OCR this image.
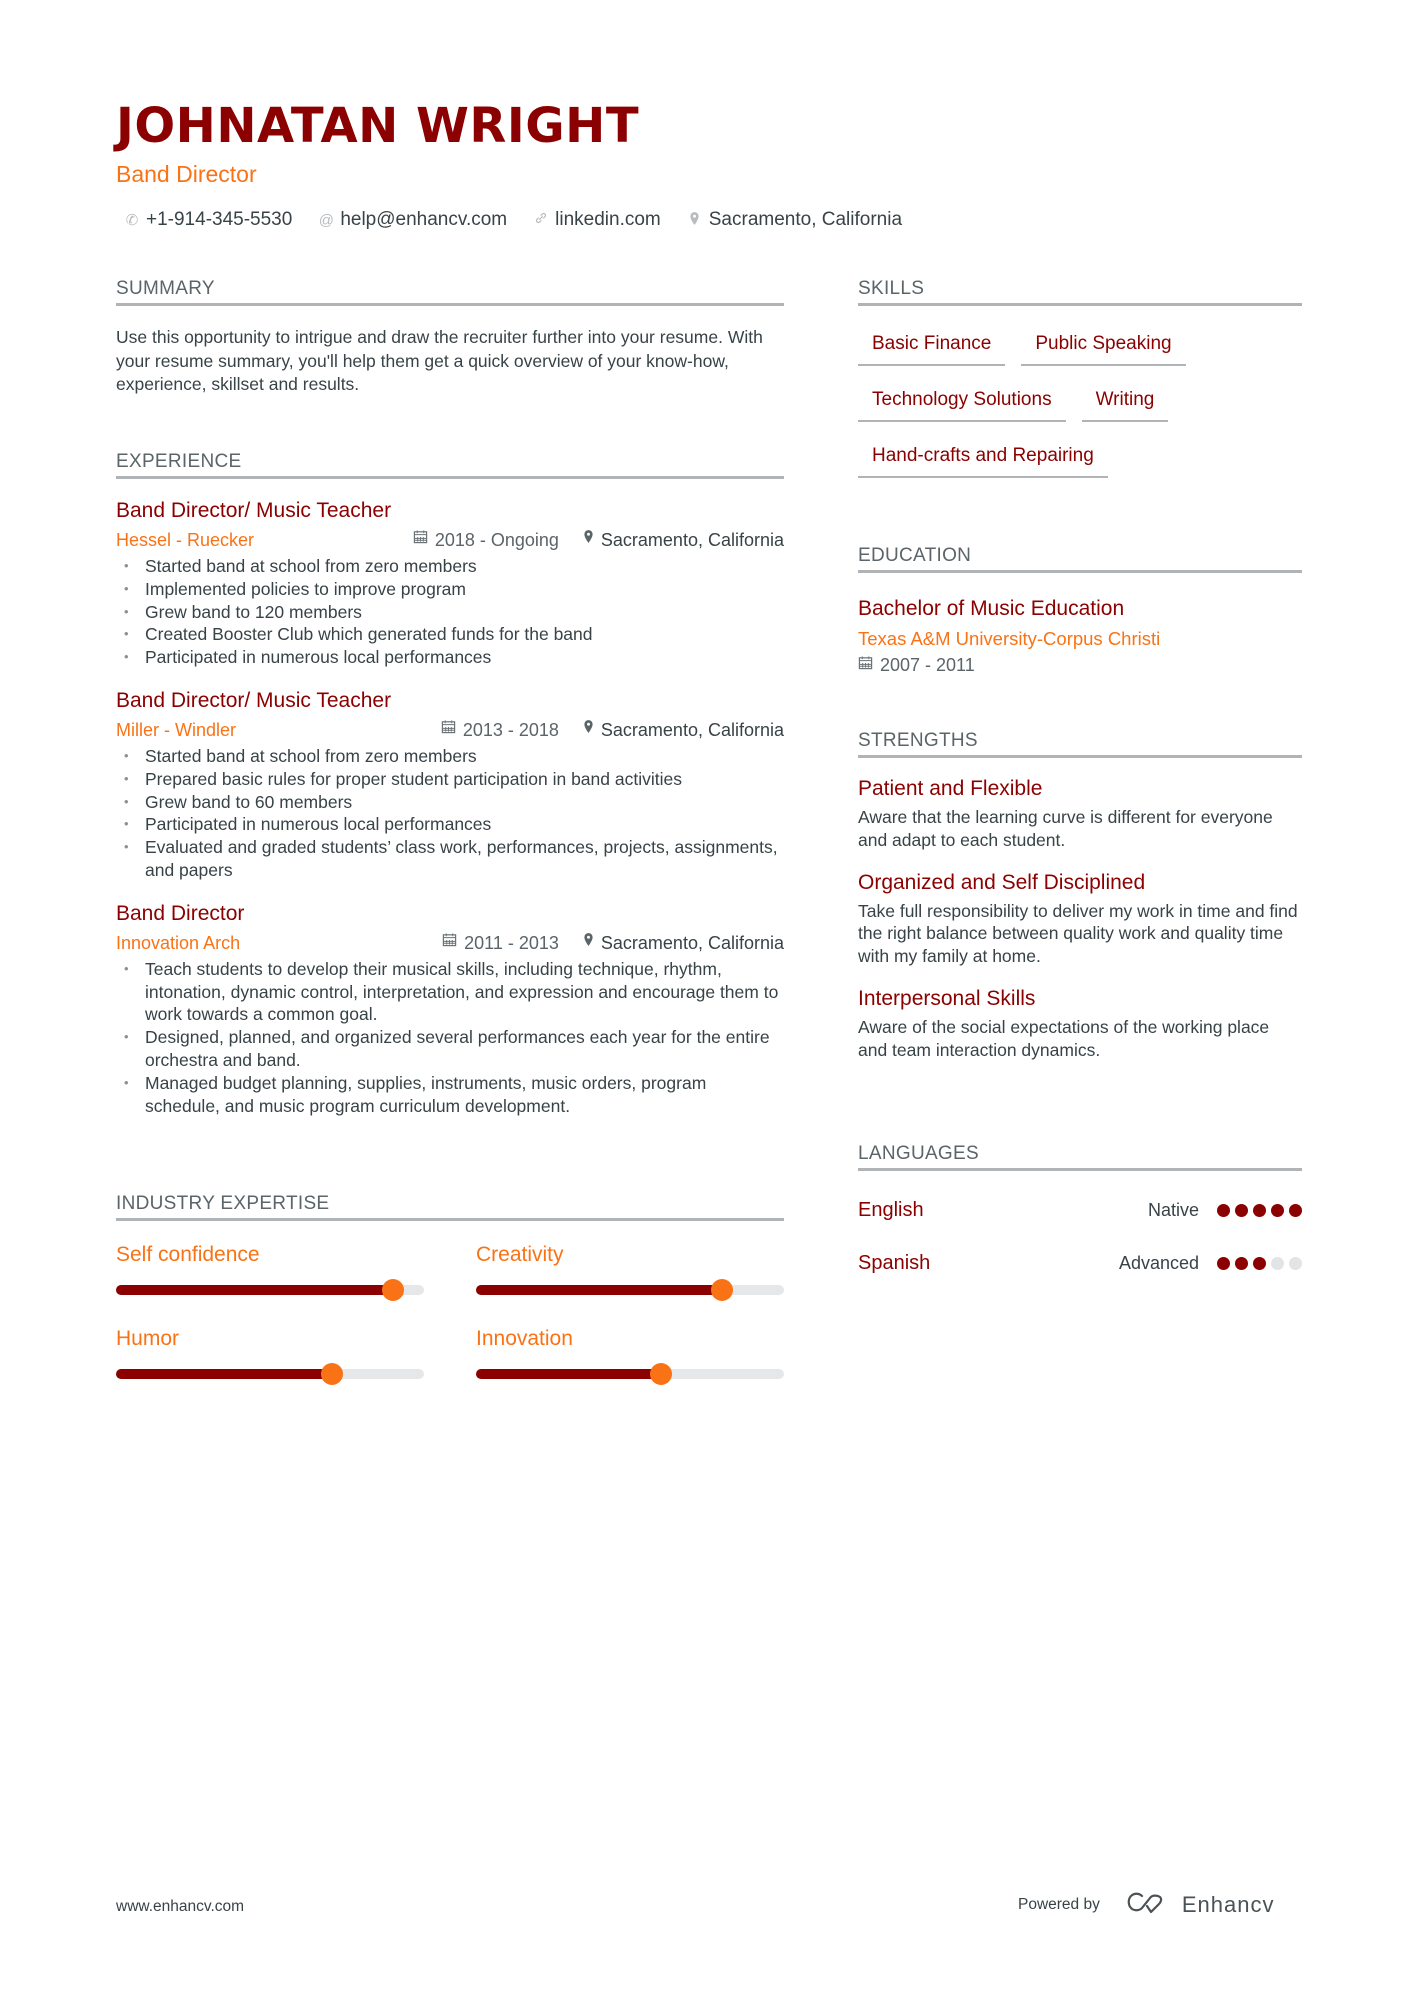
JOHNATAN WRIGHT
Band Director
✆ +1-914-345-5530 @ help@enhancv.com	linkedin.com	Sacramento, California
SUMMARY
Use this opportunity to intrigue and draw the recruiter further into your resume. With your resume summary, you'll help them get a quick overview of your know-how, experience, skillset and results.
EXPERIENCE
Band Director/ Music Teacher
Hessel - Ruecker	2018 - Ongoing Sacramento, California
• Started band at school from zero members
• Implemented policies to improve program
• Grew band to 120 members
• Created Booster Club which generated funds for the band
• Participated in numerous local performances
Band Director/ Music Teacher
Miller - Windler	2013 - 2018 Sacramento, California
• Started band at school from zero members
• Prepared basic rules for proper student participation in band activities
• Grew band to 60 members
• Participated in numerous local performances
• Evaluated and graded students’ class work, performances, projects, assignments, and papers
Band Director
Innovation Arch	2011 - 2013 Sacramento, California
• Teach students to develop their musical skills, including technique, rhythm, intonation, dynamic control, interpretation, and expression and encourage them to work towards a common goal.
• Designed, planned, and organized several performances each year for the entire orchestra and band.
• Managed budget planning, supplies, instruments, music orders, program schedule, and music program curriculum development.
INDUSTRY EXPERTISE
Self confidence	Creativity
Humor	Innovation
SKILLS
Basic Finance	Public Speaking
Technology Solutions	Writing
Hand-crafts and Repairing
EDUCATION
Bachelor of Music Education
Texas A&M University-Corpus Christi
2007 - 2011
STRENGTHS
Patient and Flexible
Aware that the learning curve is different for everyone and adapt to each student.
Organized and Self Disciplined
Take full responsibility to deliver my work in time and find the right balance between quality work and quality time with my family at home.
Interpersonal Skills
Aware of the social expectations of the working place and team interaction dynamics.
LANGUAGES
English	Native
Spanish	Advanced
www.enhancv.com	Powered by	Enhancv
